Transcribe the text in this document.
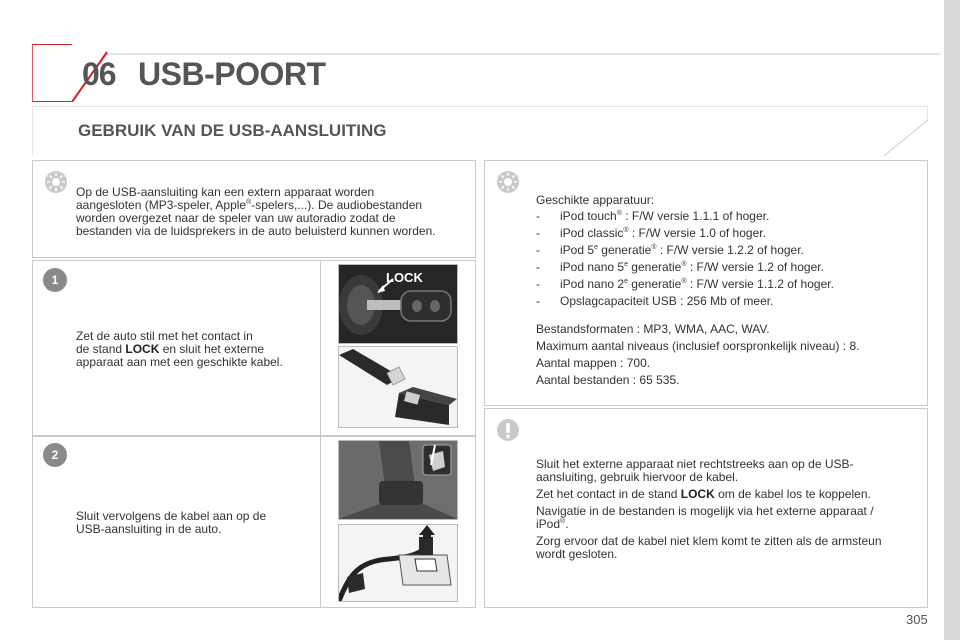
06 USB-POORT
GEBRUIK VAN DE USB-AANSLUITING
Op de USB-aansluiting kan een extern apparaat worden
aangesloten (MP3-speler, Apple®-spelers,...). De audiobestanden
worden overgezet naar de speler van uw autoradio zodat de
bestanden via de luidsprekers in de auto beluisterd kunnen worden.
1
Zet de auto stil met het contact in
de stand LOCK en sluit het externe
apparaat aan met een geschikte kabel.
LOCK
2
Sluit vervolgens de kabel aan op de
USB-aansluiting in de auto.
Geschikte apparatuur:
- iPod touch® : F/W versie 1.1.1 of hoger.
- iPod classic® : F/W versie 1.0 of hoger.
- iPod 5e generatie® : F/W versie 1.2.2 of hoger.
- iPod nano 5e generatie® : F/W versie 1.2 of hoger.
- iPod nano 2e generatie® : F/W versie 1.1.2 of hoger.
- Opslagcapaciteit USB : 256 Mb of meer.
Bestandsformaten : MP3, WMA, AAC, WAV.
Maximum aantal niveaus (inclusief oorspronkelijk niveau) : 8.
Aantal mappen : 700.
Aantal bestanden : 65 535.
Sluit het externe apparaat niet rechtstreeks aan op de USB-
aansluiting, gebruik hiervoor de kabel.
Zet het contact in de stand LOCK om de kabel los te koppelen.
Navigatie in de bestanden is mogelijk via het externe apparaat /
iPod®.
Zorg ervoor dat de kabel niet klem komt te zitten als de armsteun
wordt gesloten.
305
